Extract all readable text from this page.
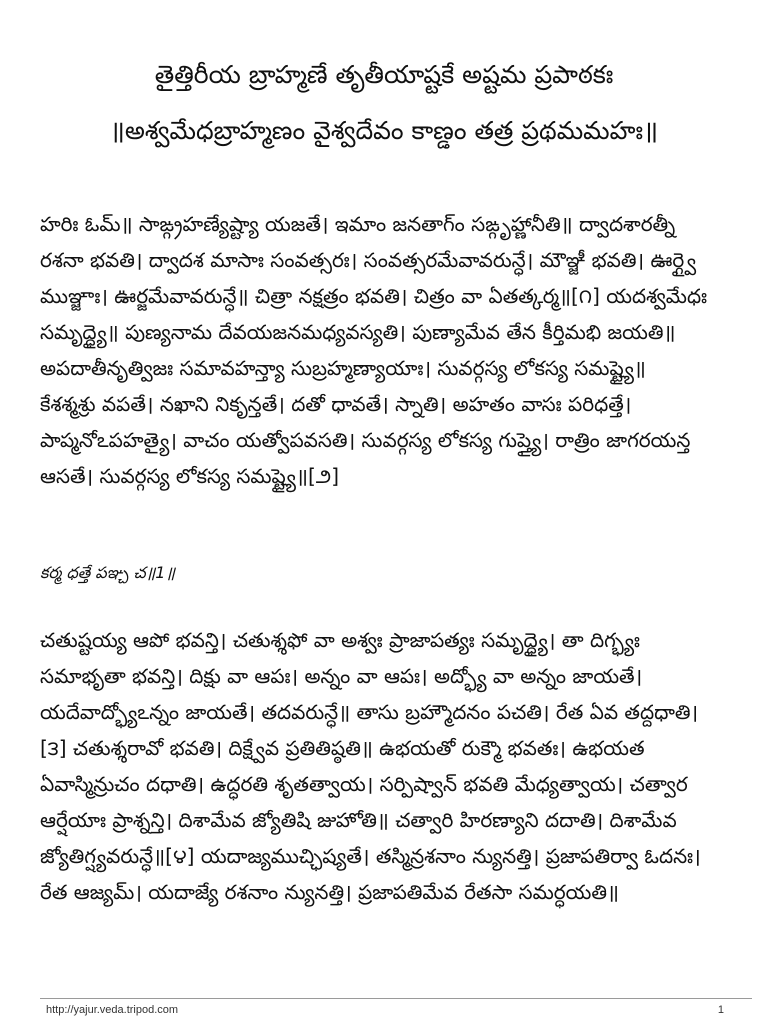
తైత్తిరీయ బ్రాహ్మణే తృతీయాష్టకే అష్టమ ప్రపాఠకః
॥అశ్వమేధబ్రాహ్మణం వైశ్వదేవం కాణ్డం తత్ర ప్రథమమహః॥
హరిః ఓమ్॥ సాఙ్గ్రహణ్యేష్ట్యా యజతే। ఇమాం జనతాగ్ం సఙ్గృహ్ణానీతి॥ ద్వాదశారత్నీ
రశనా భవతి। ద్వాదశ మాసాః సంవత్సరః। సంవత్సరమేవావరున్ధే। మౌఞ్జీ భవతి। ఊర్గ్వై
ముఞ్జాః। ఊర్జమేవావరున్ధే॥ చిత్రా నక్షత్రం భవతి। చిత్రం వా ఏతత్కర్మ॥[౧] యదశ్వమేధః
సమృద్ధ్యై॥ పుణ్యనామ దేవయజనమధ్యవస్యతి। పుణ్యామేవ తేన కీర్తిమభి జయతి॥
అపదాతీనృత్విజః సమావహన్త్యా సుబ్రహ్మణ్యాయాః। సువర్గస్య లోకస్య సమష్ట్యై॥
కేశశ్మశ్రు వపతే। నఖాని నికృన్తతే। దతో ధావతే। స్నాతి। అహతం వాసః పరిధత్తే।
పాప్మనోఽపహత్యై। వాచం యత్వోపవసతి। సువర్గస్య లోకస్య గుప్త్యై। రాత్రిం జాగరయన్త
ఆసతే। సువర్గస్య లోకస్య సమష్ట్యై॥[౨]
కర్మ ధత్తే పఞ్చ చ॥1॥
చతుష్టయ్య ఆపో భవన్తి। చతుశ్శఫో వా అశ్వః ప్రాజాపత్యః సమృద్ధ్యై। తా దిగ్భ్యః
సమాభృతా భవన్తి। దిక్షు వా ఆపః। అన్నం వా ఆపః। అద్భ్యో వా అన్నం జాయతే।
యదేవాద్భ్యోఽన్నం జాయతే। తదవరున్ధే॥ తాసు బ్రహ్మౌదనం పచతి। రేత ఏవ తద్దధాతి।
[౩] చతుశ్శరావో భవతి। దిక్ష్వేవ ప్రతితిష్ఠతి॥ ఉభయతో రుక్మౌ భవతః। ఉభయత
ఏవాస్మిన్రుచం దధాతి। ఉద్ధరతి శృతత్వాయ। సర్పిష్వాన్ భవతి మేధ్యత్వాయ। చత్వార
ఆర్షేయాః ప్రాశ్నన్తి। దిశామేవ జ్యోతిషి జుహోతి॥ చత్వారి హిరణ్యాని దదాతి। దిశామేవ
జ్యోతిగ్ష్యవరున్ధే॥[౪] యదాజ్యముచ్ఛిష్యతే। తస్మిన్రశనాం న్యునత్తి। ప్రజాపతిర్వా ఓదనః।
రేత ఆజ్యమ్। యదాజ్యే రశనాం న్యునత్తి। ప్రజాపతిమేవ రేతసా సమర్ధయతి॥
http://yajur.veda.tripod.com	1
